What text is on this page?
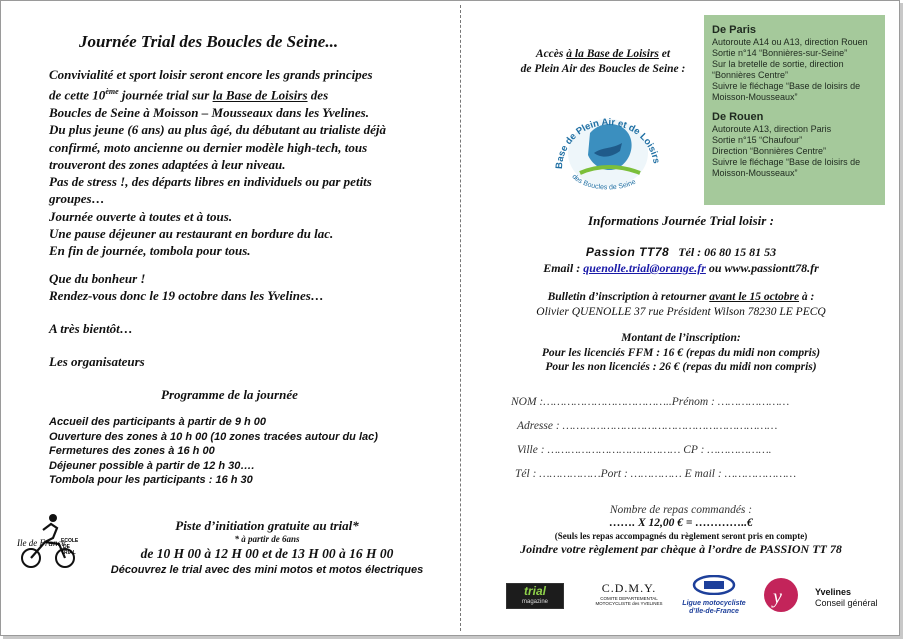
Journée Trial des Boucles de Seine...

Convivialité et sport loisir seront encore les grands principes

de cette 10ème journée trial sur la Base de Loisirs des

Boucles de Seine à Moisson – Mousseaux dans les Yvelines.

Du plus jeune (6 ans) au plus âgé, du débutant au trialiste déjà

confirmé, moto ancienne ou dernier modèle high-tech, tous

trouveront des zones adaptées à leur niveau.

Pas de stress !, des départs libres en individuels ou par petits

groupes…

Journée ouverte à toutes et à tous.

Une pause déjeuner au restaurant en bordure du lac.

En fin de journée, tombola pour tous.

Que du bonheur !

Rendez-vous donc le 19 octobre dans les Yvelines…

A très bientôt…

Les organisateurs

Programme de la journée
Accueil des participants à partir de 9 h 00
Ouverture des zones à 10 h 00 (10 zones tracées autour du lac)
Fermetures des zones à 16 h 00
Déjeuner possible à partir de 12 h 30….
Tombola pour les participants : 16 h 30
Ile de France
ECOLE
DE
TRIAL
Piste d’initiation gratuite au trial*
* à partir de 6ans
de 10 H 00 à 12 H 00 et de 13 H 00 à 16 H 00
Découvrez le trial avec des mini motos et motos électriques
Accès à la Base de Loisirs et
de Plein Air des Boucles de Seine :
Base de Plein Air et de Loisirs
des Boucles de Seine
De Paris
Autoroute A14 ou A13, direction Rouen
Sortie n°14 “Bonnières-sur-Seine”
Sur la bretelle de sortie, direction
“Bonnières Centre”
Suivre le fléchage “Base de loisirs de
Moisson-Mousseaux”
De Rouen
Autoroute A13, direction Paris
Sortie n°15 “Chaufour”
Direction “Bonnières Centre”
Suivre le fléchage “Base de loisirs de
Moisson-Mousseaux”
Informations Journée Trial loisir :
Passion TT78 Tél : 06 80 15 81 53
Email : quenolle.trial@orange.fr ou www.passiontt78.fr
Bulletin d’inscription à retourner avant le 15 octobre à :
Olivier QUENOLLE 37 rue Président Wilson 78230 LE PECQ
Montant de l’inscription:
Pour les licenciés FFM : 16 € (repas du midi non compris)
Pour les non licenciés : 26 € (repas du midi non compris)
NOM :………………………………..Prénom : …………………
Adresse : ………………………………………………………
Ville : ………………………………… CP : ……………….
Tél : ………………Port : …………… E mail : …………………
Nombre de repas commandés :
……. X 12,00 € = …………..€
(Seuls les repas accompagnés du règlement seront pris en compte)
Joindre votre règlement par chèque à l’ordre de PASSION TT 78
trial
magazine
C.D.M.Y.
COMITE DEPARTEMENTAL
MOTOCYCLISTE des YVELINES	Ligue motocycliste
d’Ile-de-France
y	Yvelines
Conseil général
